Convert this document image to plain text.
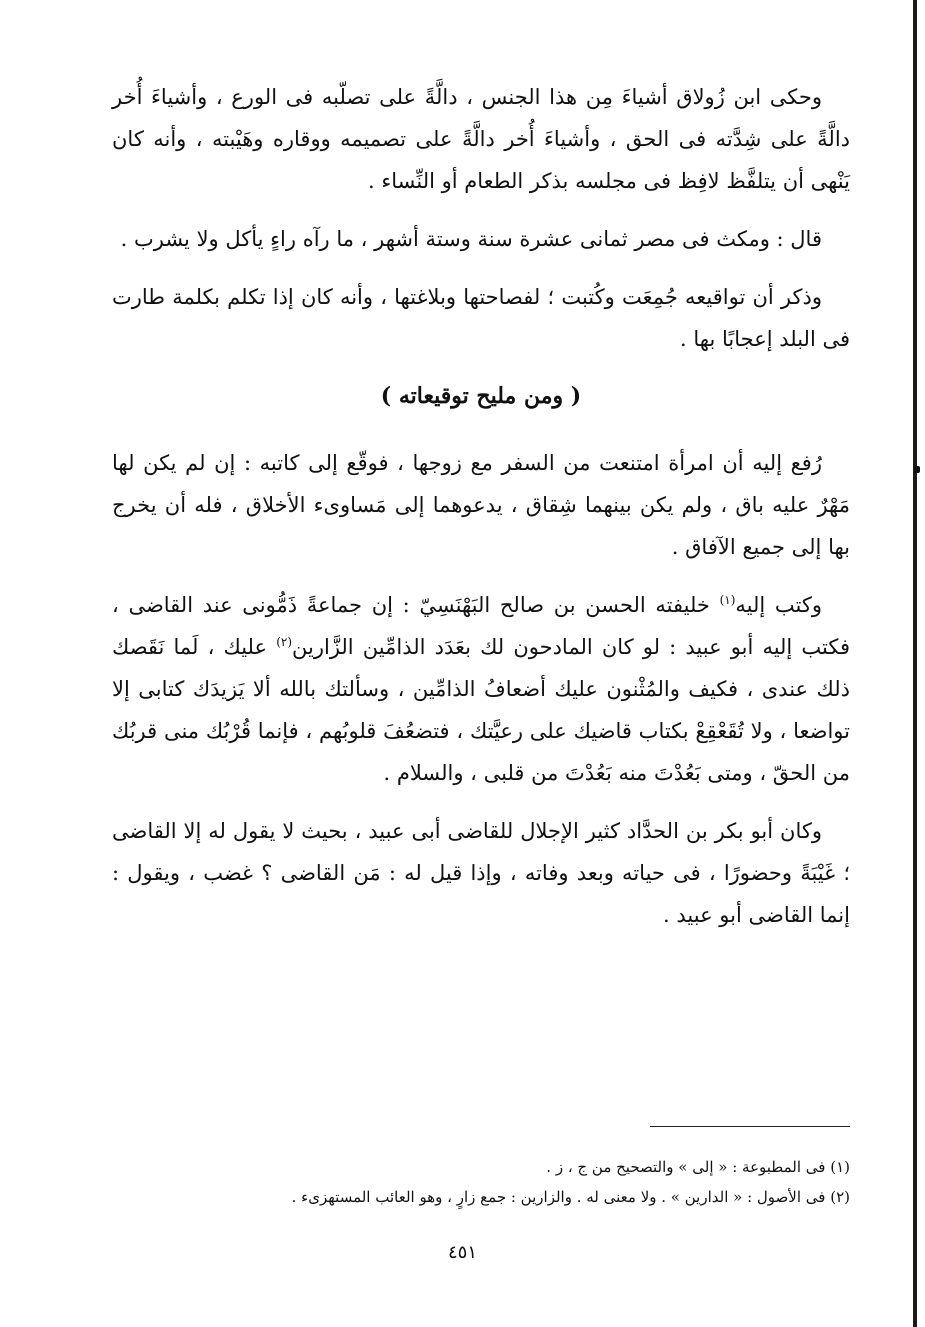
وحكى ابن زُولاق أشياءَ مِن هذا الجنس ، دالَّةً على تصلّبه فى الورع ، وأشياءَ أُخر دالَّةً على شِدَّته فى الحق ، وأشياءَ أُخر دالَّةً على تصميمه ووقاره وهَيْبته ، وأنه كان يَنْهى أن يتلفَّظ لافِظ فى مجلسه بذكر الطعام أو النِّساء .

قال : ومكث فى مصر ثمانى عشرة سنة وستة أشهر ، ما رآه راءٍ يأكل ولا يشرب .

وذكر أن تواقيعه جُمِعَت وكُتبت ؛ لفصاحتها وبلاغتها ، وأنه كان إذا تكلم بكلمة طارت فى البلد إعجابًا بها .

( ومن مليح توقيعاته )

رُفع إليه أن امرأة امتنعت من السفر مع زوجها ، فوقّع إلى كاتبه : إن لم يكن لها مَهْرٌ عليه باق ، ولم يكن بينهما شِقاق ، يدعوهما إلى مَساوىء الأخلاق ، فله أن يخرج بها إلى جميع الآفاق .

وكتب إليه$^{(١)}$ خليفته الحسن بن صالح البَهْنَسِيّ : إن جماعةً ذَمُّونى عند القاضى ، فكتب إليه أبو عبيد : لو كان المادحون لك بعَدَد الذامِّين الزَّارين$^{(٢)}$ عليك ، لَما نَقَصك ذلك عندى ، فكيف والمُثْنون عليك أضعافُ الذامِّين ، وسألتك بالله ألا يَزيدَك كتابى إلا تواضعا ، ولا تُقَعْقِعْ بكتاب قاضيك على رعيَّتك ، فتضعُفَ قلوبُهم ، فإنما قُرْبُك منى قربُك من الحقّ ، ومتى بَعُدْتَ منه بَعُدْتَ من قلبى ، والسلام .

وكان أبو بكر بن الحدَّاد كثير الإجلال للقاضى أبى عبيد ، بحيث لا يقول له إلا القاضى ؛ غَيْبَةً وحضورًا ، فى حياته وبعد وفاته ، وإذا قيل له : مَن القاضى ؟ غضب ، ويقول : إنما القاضى أبو عبيد .

(١) فى المطبوعة : « إلى » والتصحيح من ج ، ز .

(٢) فى الأصول : « الدارين » . ولا معنى له . والزارين : جمع زارٍ ، وهو العائب المستهزىء .

٤٥١
